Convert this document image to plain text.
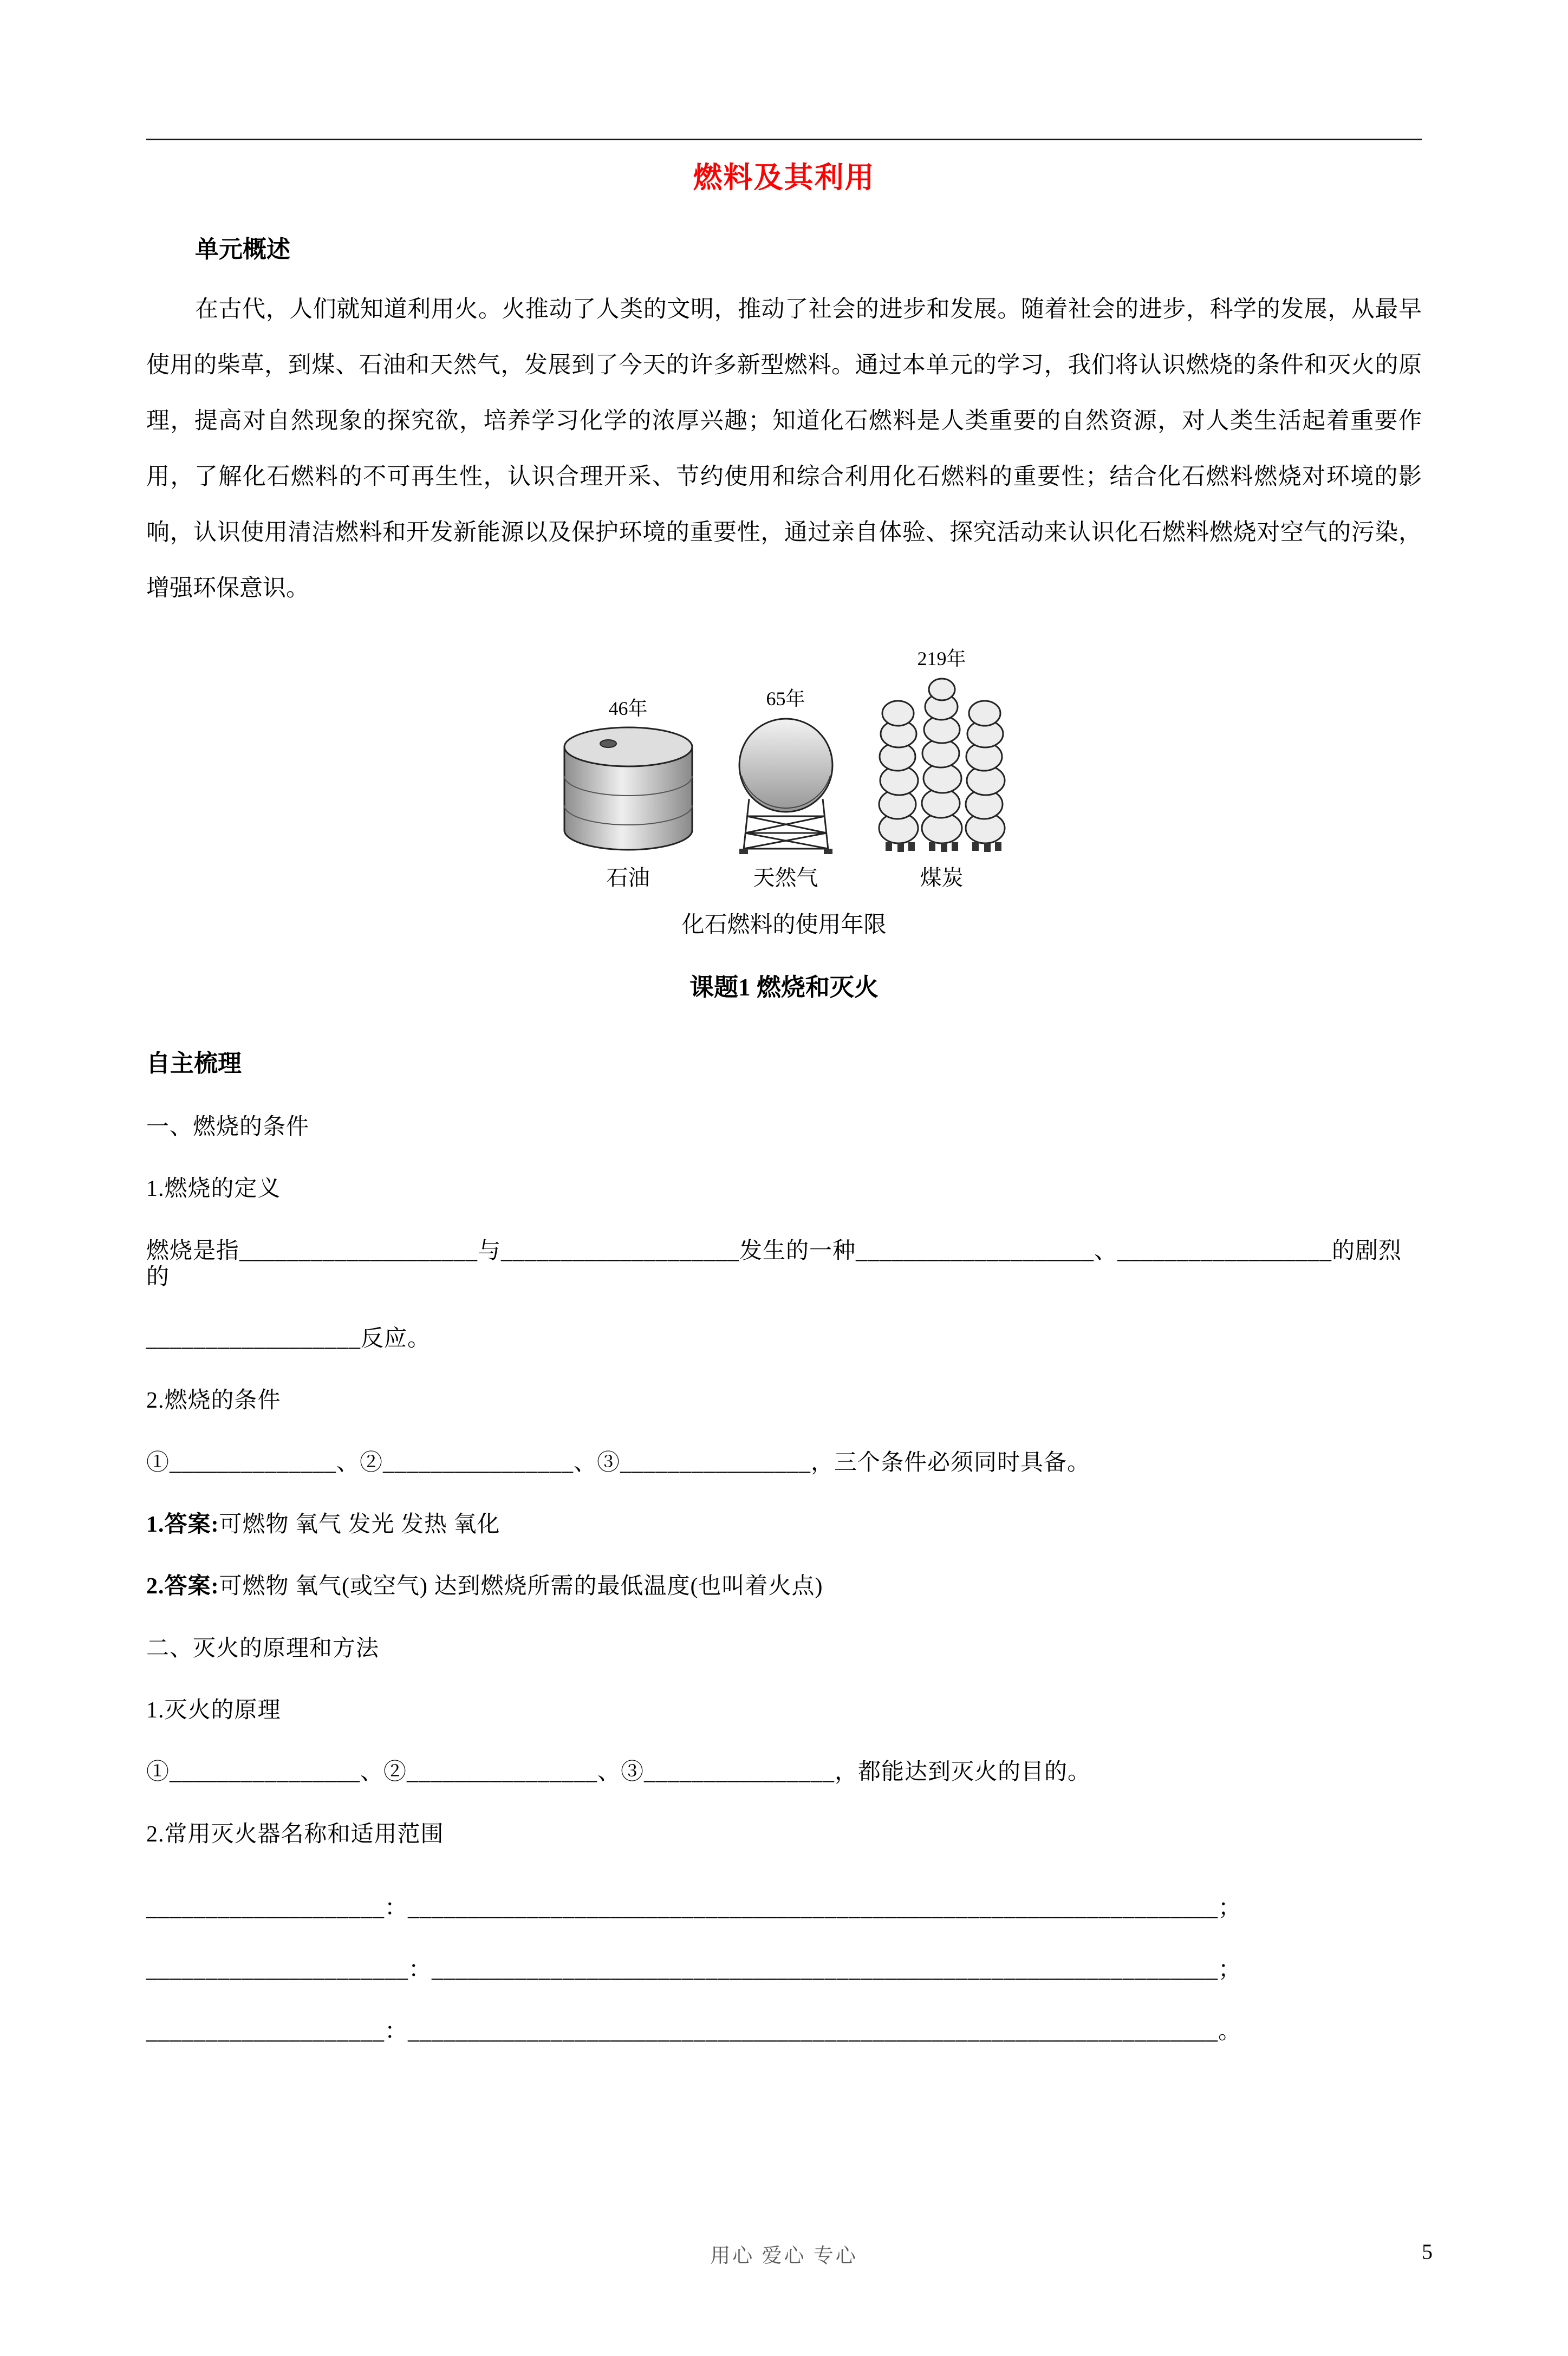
燃料及其利用
单元概述
在古代，人们就知道利用火。火推动了人类的文明，推动了社会的进步和发展。随着社会的进步，科学的发展，从最早使用的柴草，到煤、石油和天然气，发展到了今天的许多新型燃料。通过本单元的学习，我们将认识燃烧的条件和灭火的原理，提高对自然现象的探究欲，培养学习化学的浓厚兴趣；知道化石燃料是人类重要的自然资源，对人类生活起着重要作用，了解化石燃料的不可再生性，认识合理开采、节约使用和综合利用化石燃料的重要性；结合化石燃料燃烧对环境的影响，认识使用清洁燃料和开发新能源以及保护环境的重要性，通过亲自体验、探究活动来认识化石燃料燃烧对空气的污染，增强环保意识。
46年
石油
65年
天然气
219年
煤炭
化石燃料的使用年限
课题1 燃烧和灭火
自主梳理
一、燃烧的条件
1.燃烧的定义
燃烧是指____________________与____________________发生的一种____________________、__________________的剧烈的
__________________反应。
2.燃烧的条件
①______________、②________________、③________________，三个条件必须同时具备。
1.答案:可燃物 氧气 发光 发热 氧化
2.答案:可燃物 氧气(或空气) 达到燃烧所需的最低温度(也叫着火点)
二、灭火的原理和方法
1.灭火的原理
①________________、②________________、③________________，都能达到灭火的目的。
2.常用灭火器名称和适用范围
____________________：____________________________________________________________________；
______________________：__________________________________________________________________；
____________________：____________________________________________________________________。
用心 爱心 专心	5
